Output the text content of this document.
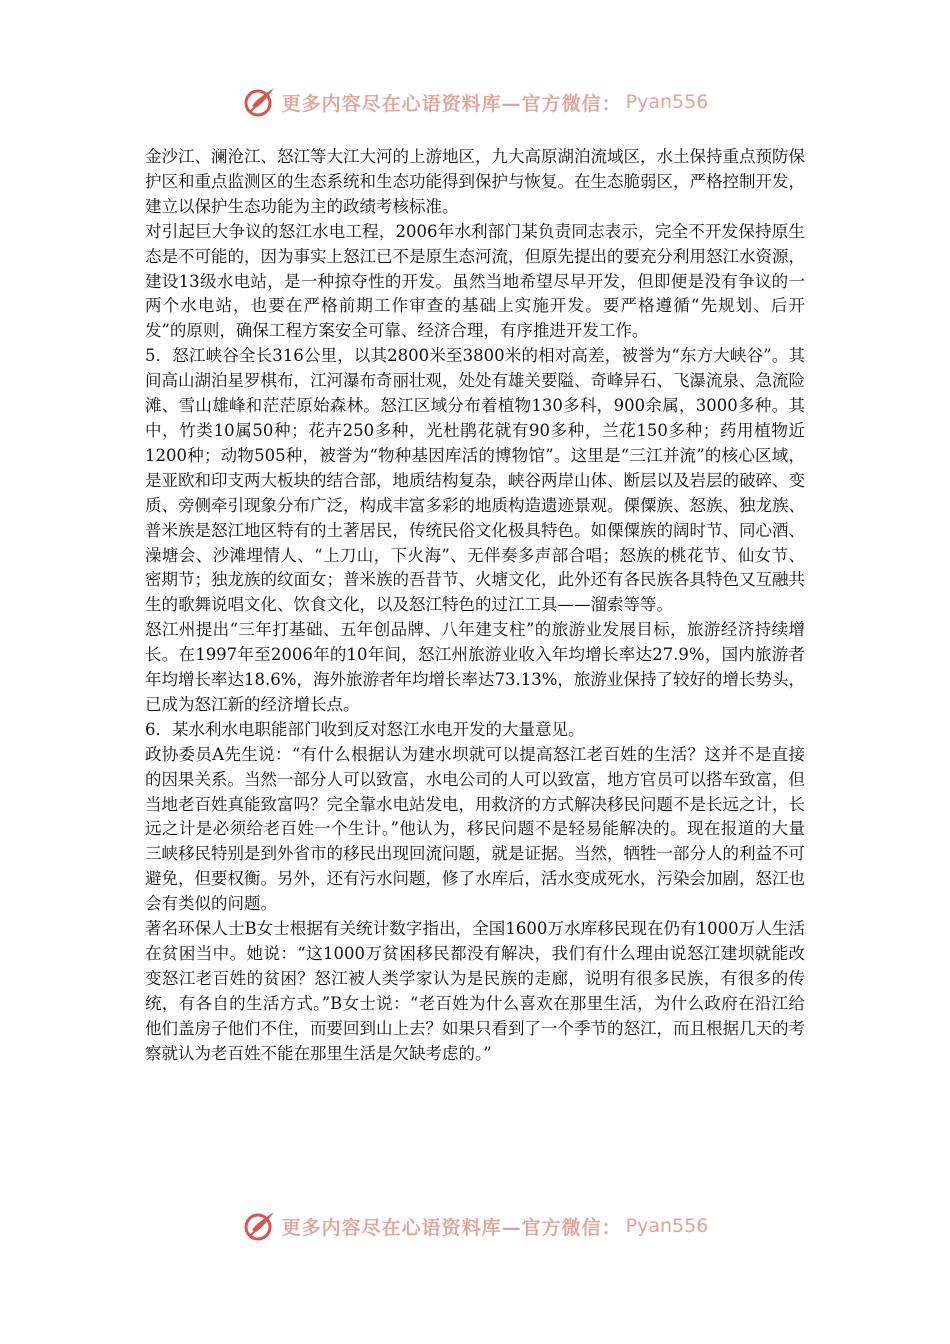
更多内容尽在心语资料库—官方微信： Pyan556

金沙江、澜沧江、怒江等大江大河的上游地区，九大高原湖泊流域区，水土保持重点预防保护区和重点监测区的生态系统和生态功能得到保护与恢复。在生态脆弱区，严格控制开发，建立以保护生态功能为主的政绩考核标准。

对引起巨大争议的怒江水电工程，2006年水利部门某负责同志表示，完全不开发保持原生态是不可能的，因为事实上怒江已不是原生态河流，但原先提出的要充分利用怒江水资源，建设13级水电站，是一种掠夺性的开发。虽然当地希望尽早开发，但即便是没有争议的一两个水电站，也要在严格前期工作审查的基础上实施开发。要严格遵循“先规划、后开发”的原则，确保工程方案安全可靠、经济合理，有序推进开发工作。

5．怒江峡谷全长316公里，以其2800米至3800米的相对高差，被誉为“东方大峡谷”。其间高山湖泊星罗棋布，江河瀑布奇丽壮观，处处有雄关要隘、奇峰异石、飞瀑流泉、急流险滩、雪山雄峰和茫茫原始森林。怒江区域分布着植物130多科，900余属，3000多种。其中，竹类10属50种；花卉250多种，光杜鹃花就有90多种，兰花150多种；药用植物近1200种；动物505种，被誉为“物种基因库活的博物馆”。这里是“三江并流”的核心区域，是亚欧和印支两大板块的结合部，地质结构复杂，峡谷两岸山体、断层以及岩层的破碎、变质、旁侧牵引现象分布广泛，构成丰富多彩的地质构造遗迹景观。傈僳族、怒族、独龙族、普米族是怒江地区特有的土著居民，传统民俗文化极具特色。如傈僳族的阔时节、同心酒、澡塘会、沙滩埋情人、“上刀山，下火海”、无伴奏多声部合唱；怒族的桃花节、仙女节、密期节；独龙族的纹面女；普米族的吾昔节、火塘文化，此外还有各民族各具特色又互融共生的歌舞说唱文化、饮食文化，以及怒江特色的过江工具——溜索等等。

怒江州提出“三年打基础、五年创品牌、八年建支柱”的旅游业发展目标，旅游经济持续增长。在1997年至2006年的10年间，怒江州旅游业收入年均增长率达27.9%，国内旅游者年均增长率达18.6%，海外旅游者年均增长率达73.13%，旅游业保持了较好的增长势头，已成为怒江新的经济增长点。

6．某水利水电职能部门收到反对怒江水电开发的大量意见。

政协委员A先生说：“有什么根据认为建水坝就可以提高怒江老百姓的生活？这并不是直接的因果关系。当然一部分人可以致富，水电公司的人可以致富，地方官员可以搭车致富，但当地老百姓真能致富吗？完全靠水电站发电，用救济的方式解决移民问题不是长远之计，长远之计是必须给老百姓一个生计。”他认为，移民问题不是轻易能解决的。现在报道的大量三峡移民特别是到外省市的移民出现回流问题，就是证据。当然，牺牲一部分人的利益不可避免，但要权衡。另外，还有污水问题，修了水库后，活水变成死水，污染会加剧，怒江也会有类似的问题。

著名环保人士B女士根据有关统计数字指出，全国1600万水库移民现在仍有1000万人生活在贫困当中。她说：“这1000万贫困移民都没有解决，我们有什么理由说怒江建坝就能改变怒江老百姓的贫困？怒江被人类学家认为是民族的走廊，说明有很多民族，有很多的传统，有各自的生活方式。”B女士说：“老百姓为什么喜欢在那里生活，为什么政府在沿江给他们盖房子他们不住，而要回到山上去？如果只看到了一个季节的怒江，而且根据几天的考察就认为老百姓不能在那里生活是欠缺考虑的。”

更多内容尽在心语资料库—官方微信： Pyan556
